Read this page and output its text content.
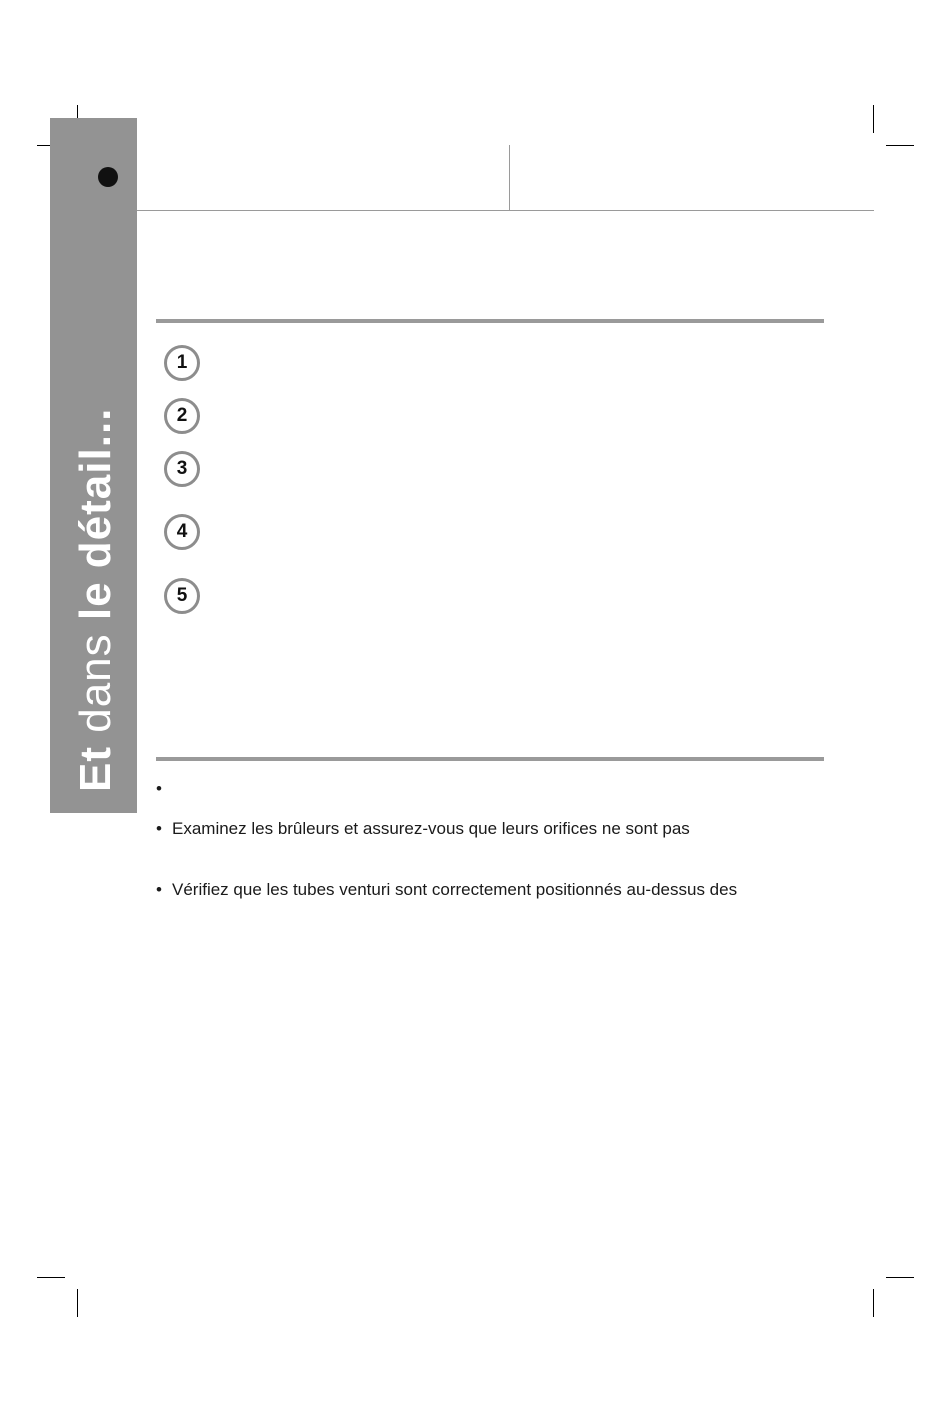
Et dans le détail...
1
2
3
4
5
•
• Examinez les brûleurs et assurez-vous que leurs orifices ne sont pas
• Vérifiez que les tubes venturi sont correctement positionnés au-dessus des
